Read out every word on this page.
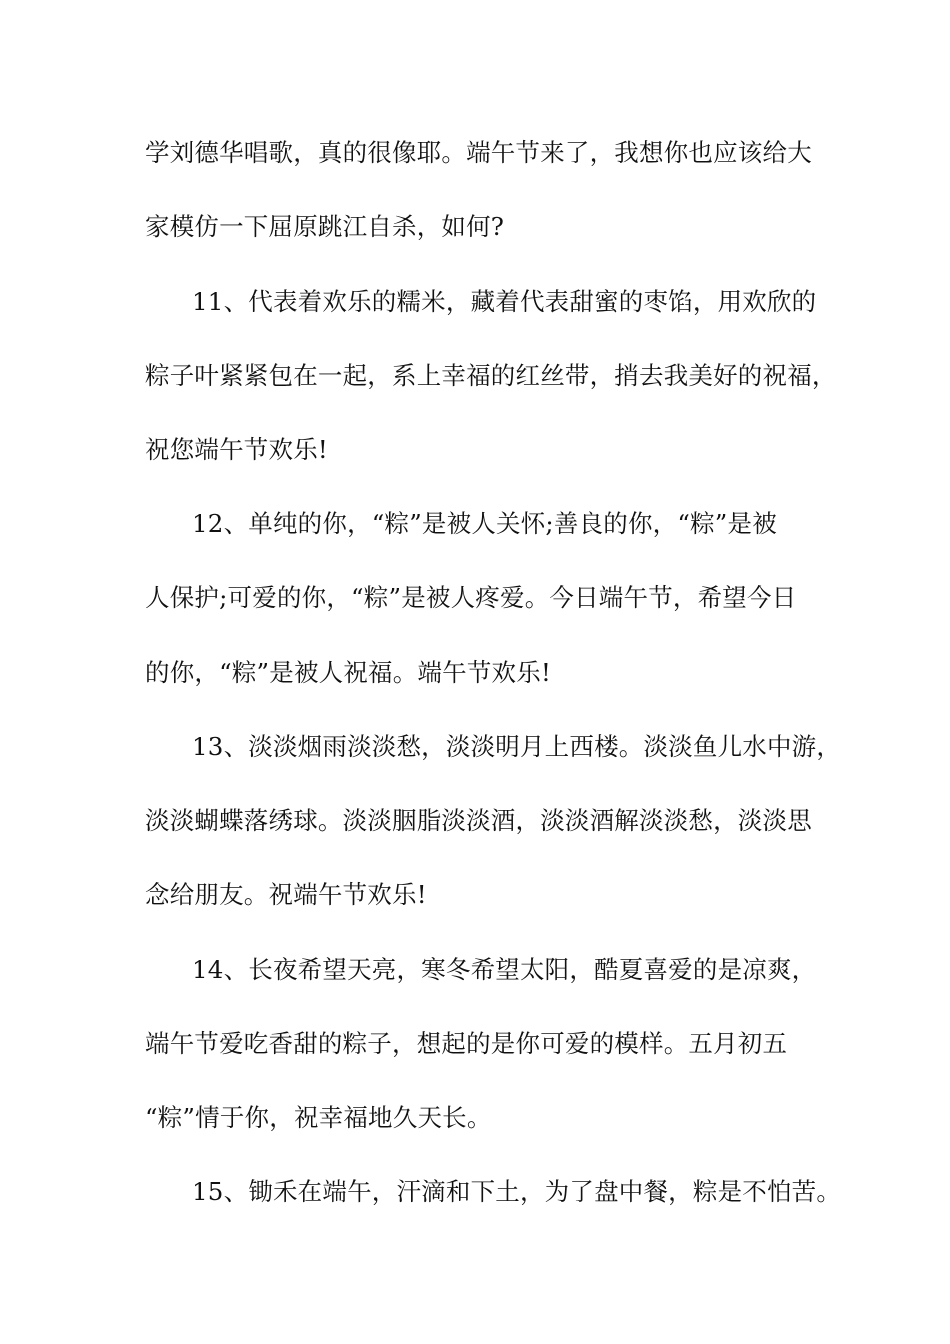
学刘德华唱歌，真的很像耶。端午节来了，我想你也应该给大
家模仿一下屈原跳江自杀，如何?
11、代表着欢乐的糯米，藏着代表甜蜜的枣馅，用欢欣的
粽子叶紧紧包在一起，系上幸福的红丝带，捎去我美好的祝福，
祝您端午节欢乐!
12、单纯的你，“粽”是被人关怀;善良的你，“粽”是被
人保护;可爱的你，“粽”是被人疼爱。今日端午节，希望今日
的你，“粽”是被人祝福。端午节欢乐!
13、淡淡烟雨淡淡愁，淡淡明月上西楼。淡淡鱼儿水中游，
淡淡蝴蝶落绣球。淡淡胭脂淡淡酒，淡淡酒解淡淡愁，淡淡思
念给朋友。祝端午节欢乐!
14、长夜希望天亮，寒冬希望太阳，酷夏喜爱的是凉爽，
端午节爱吃香甜的粽子，想起的是你可爱的模样。五月初五
“粽”情于你，祝幸福地久天长。
15、锄禾在端午，汗滴和下土，为了盘中餐，粽是不怕苦。
